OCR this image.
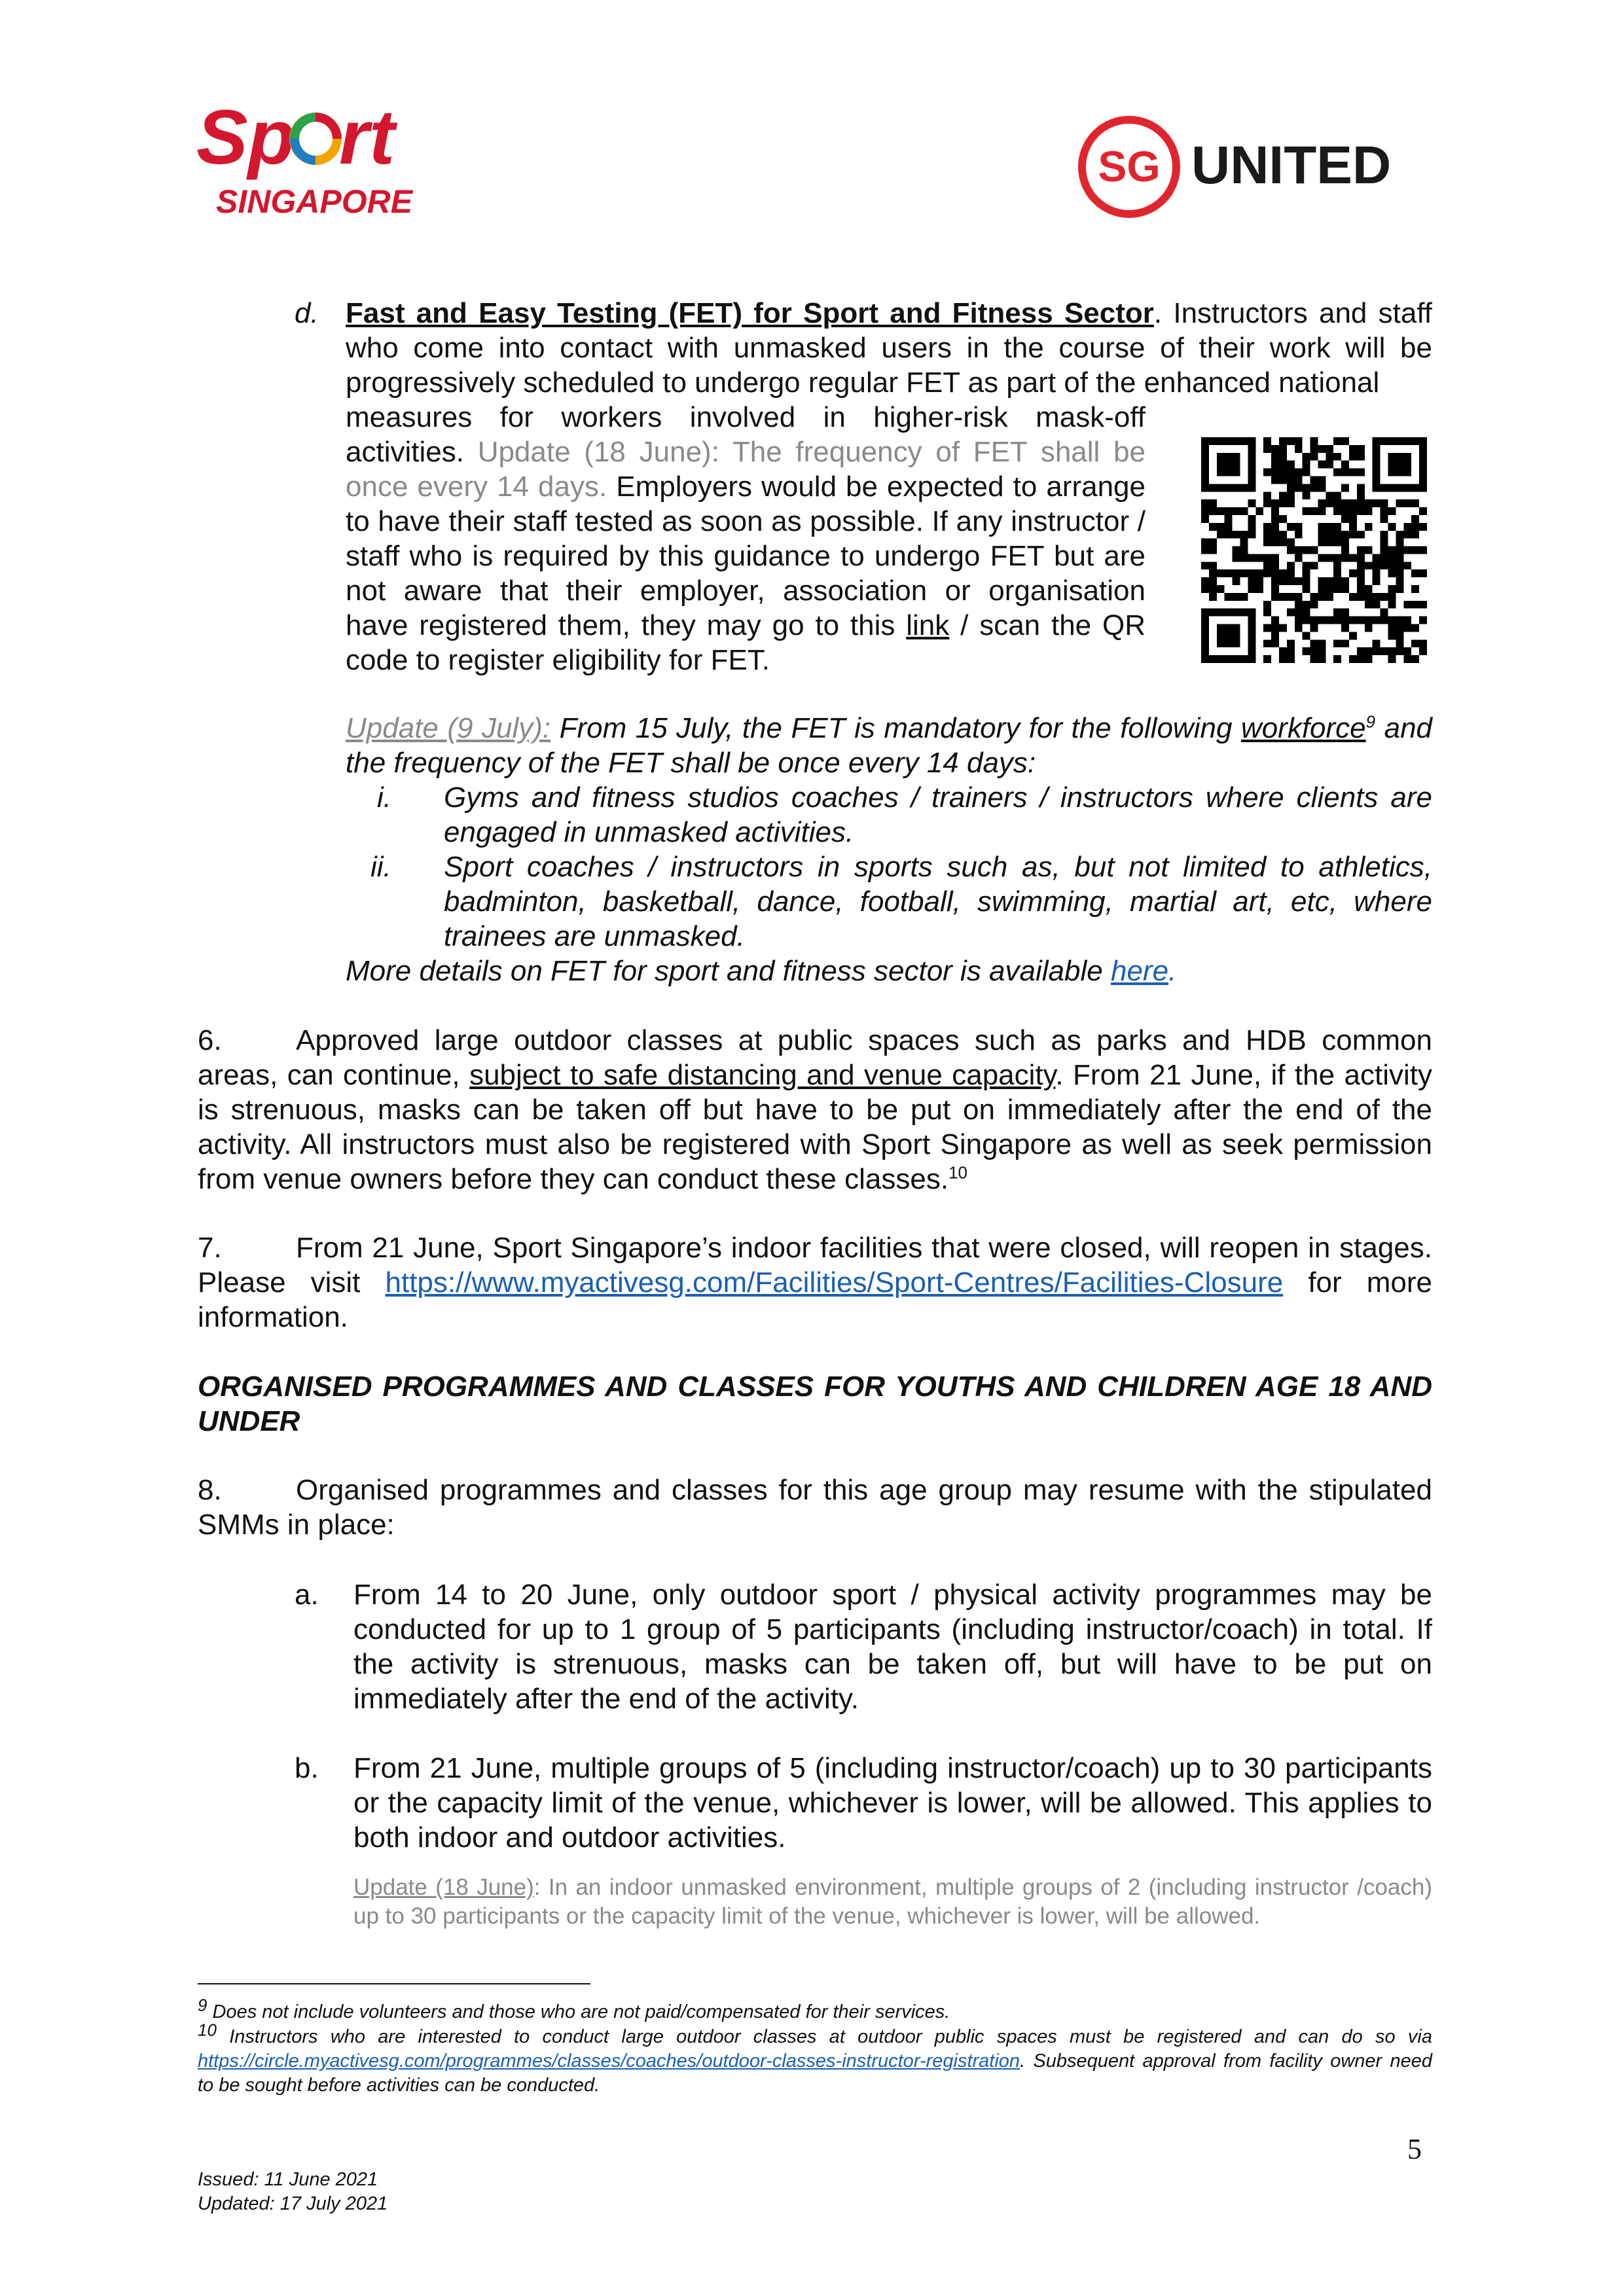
Sp rt
SINGAPORE
SG UNITED
d. Fast and Easy Testing (FET) for Sport and Fitness Sector. Instructors and staff who come into contact with unmasked users in the course of their work will be progressively scheduled to undergo regular FET as part of the enhanced national

measures for workers involved in higher-risk mask-off activities. Update (18 June): The frequency of FET shall be once every 14 days. Employers would be expected to arrange to have their staff tested as soon as possible. If any instructor / staff who is required by this guidance to undergo FET but are not aware that their employer, association or organisation have registered them, they may go to this link / scan the QR code to register eligibility for FET.

Update (9 July): From 15 July, the FET is mandatory for the following workforce$^9$ and the frequency of the FET shall be once every 14 days:

i. Gyms and fitness studios coaches / trainers / instructors where clients are engaged in unmasked activities.

ii. Sport coaches / instructors in sports such as, but not limited to athletics, badminton, basketball, dance, football, swimming, martial art, etc, where trainees are unmasked.

More details on FET for sport and fitness sector is available here.

Approved large outdoor classes at public spaces such as parks and HDB common areas, can continue, subject to safe distancing and venue capacity. From 21 June, if the activity is strenuous, masks can be taken off but have to be put on immediately after the end of the activity. All instructors must also be registered with Sport Singapore as well as seek permission from venue owners before they can conduct these classes.$^{10}$

6.

From 21 June, Sport Singapore’s indoor facilities that were closed, will reopen in stages. Please visit https://www.myactivesg.com/Facilities/Sport-Centres/Facilities-Closure for more information.

7.

ORGANISED PROGRAMMES AND CLASSES FOR YOUTHS AND CHILDREN AGE 18 AND UNDER

Organised programmes and classes for this age group may resume with the stipulated SMMs in place:

8.
a. From 14 to 20 June, only outdoor sport / physical activity programmes may be conducted for up to 1 group of 5 participants (including instructor/coach) in total. If the activity is strenuous, masks can be taken off, but will have to be put on immediately after the end of the activity.

b. From 21 June, multiple groups of 5 (including instructor/coach) up to 30 participants or the capacity limit of the venue, whichever is lower, will be allowed. This applies to both indoor and outdoor activities.

Update (18 June): In an indoor unmasked environment, multiple groups of 2 (including instructor /coach) up to 30 participants or the capacity limit of the venue, whichever is lower, will be allowed.

$^9$ Does not include volunteers and those who are not paid/compensated for their services.

$^{10}$ Instructors who are interested to conduct large outdoor classes at outdoor public spaces must be registered and can do so via https://circle.myactivesg.com/programmes/classes/coaches/outdoor-classes-instructor-registration. Subsequent approval from facility owner need to be sought before activities can be conducted.

5
Issued: 11 June 2021
Updated: 17 July 2021
